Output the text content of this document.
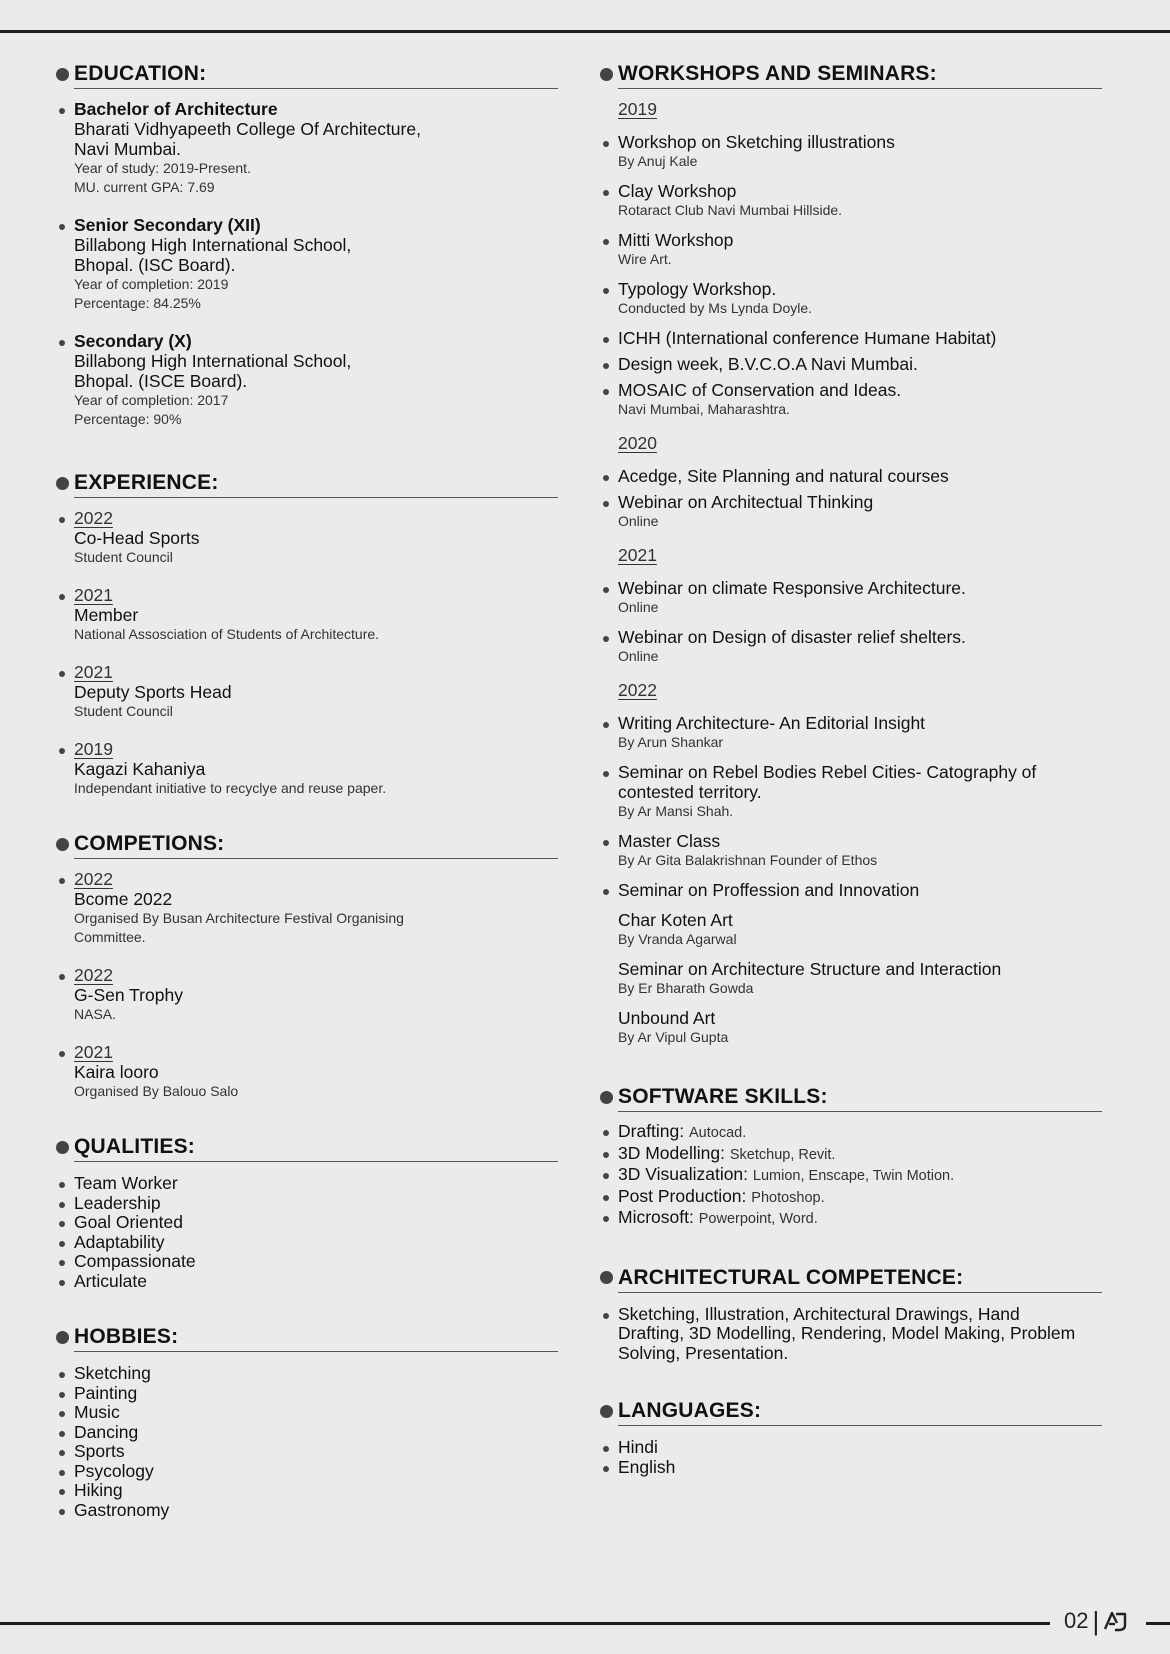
EDUCATION:
Bachelor of Architecture
Bharati Vidhyapeeth College Of Architecture,
Navi Mumbai.
Year of study: 2019-Present.
MU. current GPA: 7.69
Senior Secondary (XII)
Billabong High International School,
Bhopal. (ISC Board).
Year of completion: 2019
Percentage: 84.25%
Secondary (X)
Billabong High International School,
Bhopal. (ISCE Board).
Year of completion: 2017
Percentage: 90%
EXPERIENCE:
2022
Co-Head Sports
Student Council
2021
Member
National Assosciation of Students of Architecture.
2021
Deputy Sports Head
Student Council
2019
Kagazi Kahaniya
Independant initiative to recyclye and reuse paper.
COMPETIONS:
2022
Bcome 2022
Organised By Busan Architecture Festival Organising Committee.
2022
G-Sen Trophy
NASA.
2021
Kaira looro
Organised By Balouo Salo
QUALITIES:
Team Worker
Leadership
Goal Oriented
Adaptability
Compassionate
Articulate
HOBBIES:
Sketching
Painting
Music
Dancing
Sports
Psycology
Hiking
Gastronomy
WORKSHOPS AND SEMINARS:
2019
Workshop on Sketching illustrations
By Anuj Kale
Clay Workshop
Rotaract Club Navi Mumbai Hillside.
Mitti Workshop
Wire Art.
Typology Workshop.
Conducted by Ms Lynda Doyle.
ICHH (International conference Humane Habitat)
Design week, B.V.C.O.A Navi Mumbai.
MOSAIC of Conservation and Ideas.
Navi Mumbai, Maharashtra.
2020
Acedge, Site Planning and natural courses
Webinar on Architectual Thinking
Online
2021
Webinar on climate Responsive Architecture.
Online
Webinar on Design of disaster relief shelters.
Online
2022
Writing Architecture- An Editorial Insight
By Arun Shankar
Seminar on Rebel Bodies Rebel Cities- Catography of contested territory.
By Ar Mansi Shah.
Master Class
By Ar Gita Balakrishnan Founder of Ethos
Seminar on Proffession and Innovation
Char Koten Art
By Vranda Agarwal
Seminar on Architecture Structure and Interaction
By Er Bharath Gowda
Unbound Art
By Ar Vipul Gupta
SOFTWARE SKILLS:
Drafting: Autocad.
3D Modelling: Sketchup, Revit.
3D Visualization: Lumion, Enscape, Twin Motion.
Post Production: Photoshop.
Microsoft: Powerpoint, Word.
ARCHITECTURAL COMPETENCE:
Sketching, Illustration, Architectural Drawings, Hand Drafting, 3D Modelling, Rendering, Model Making, Problem Solving, Presentation.
LANGUAGES:
Hindi
English
02 |
